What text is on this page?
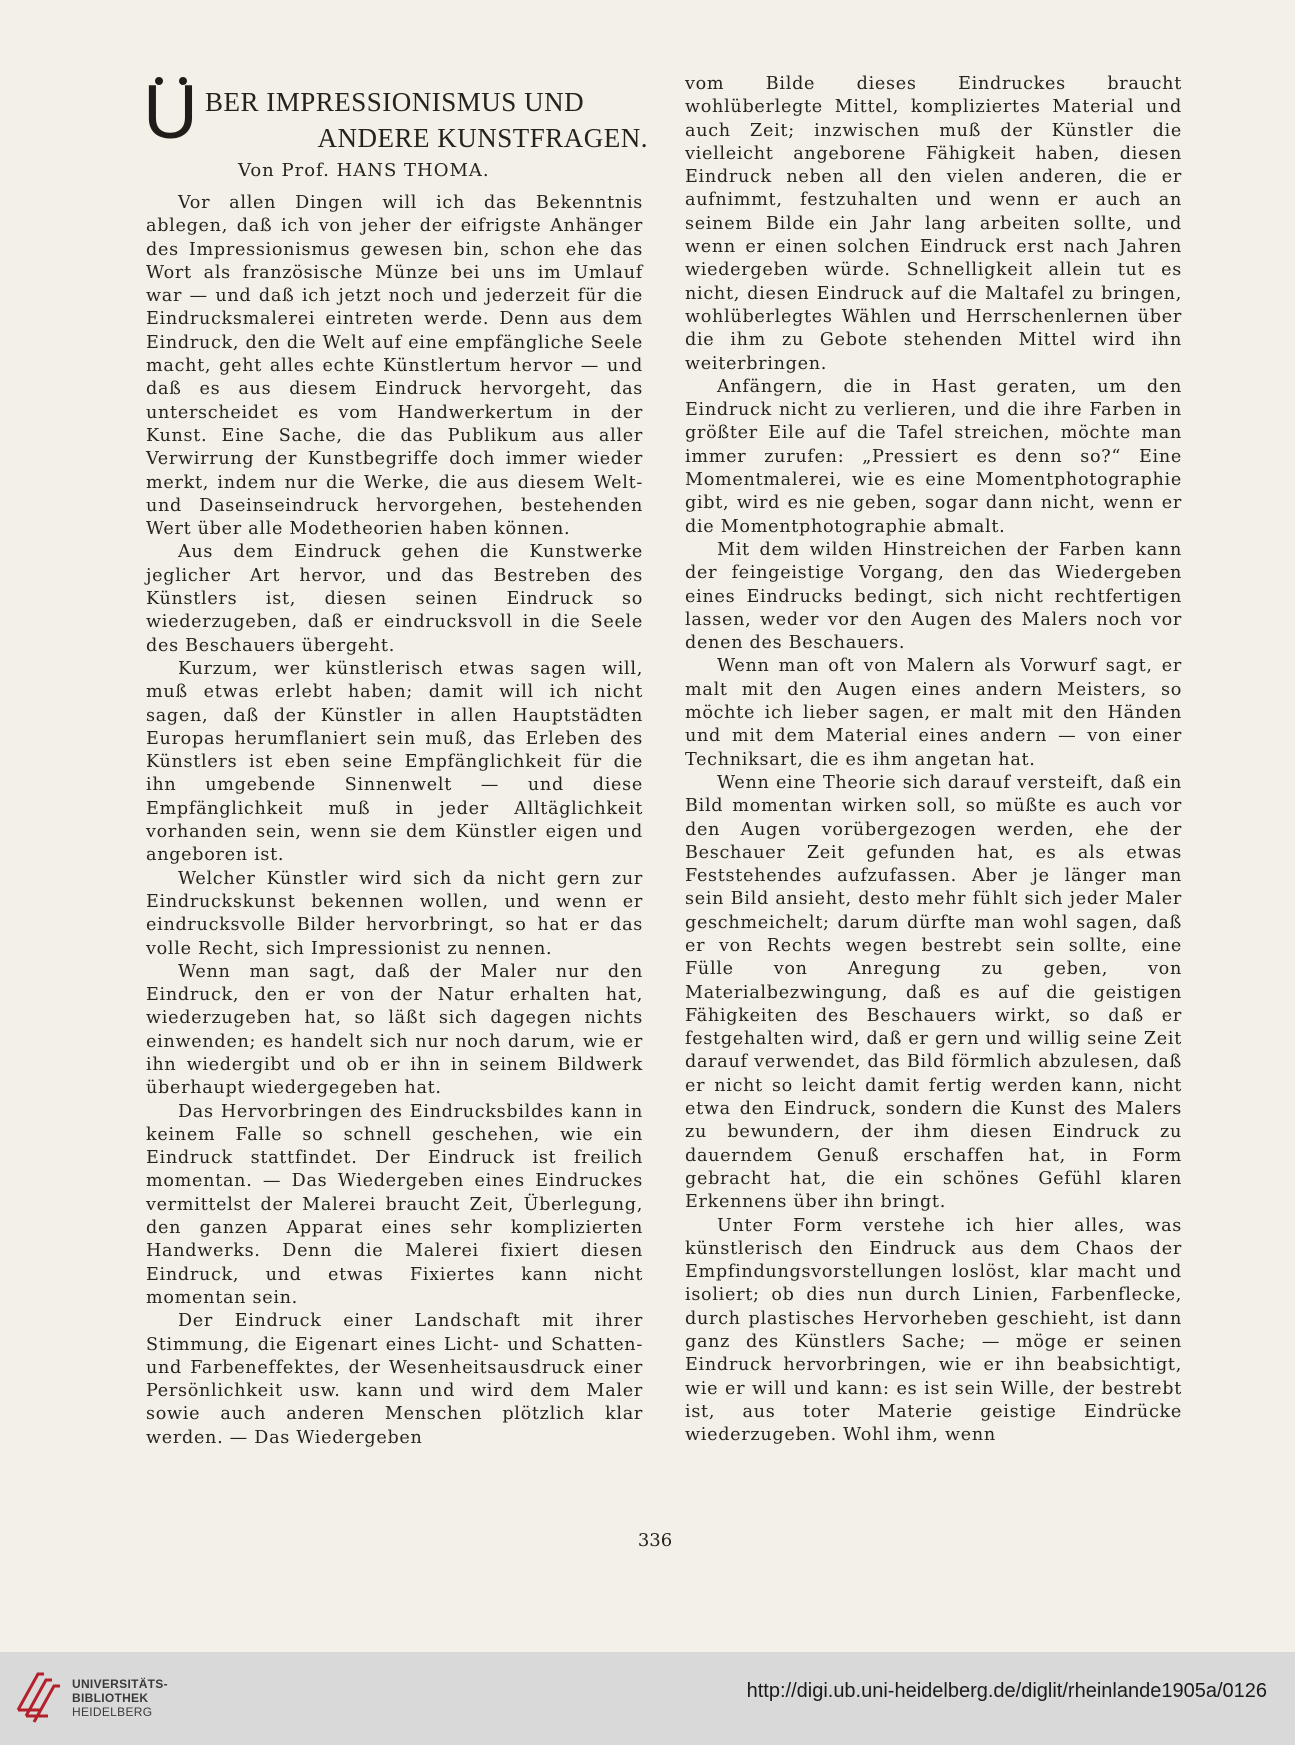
U BER IMPRESSIONISMUS UND
ANDERE KUNSTFRAGEN.
Von Prof. HANS THOMA.

Vor allen Dingen will ich das Bekenntnis ablegen, daß ich von jeher der eifrigste Anhänger des Impressionismus gewesen bin, schon ehe das Wort als französische Münze bei uns im Umlauf war — und daß ich jetzt noch und jederzeit für die Eindrucksmalerei eintreten werde. Denn aus dem Eindruck, den die Welt auf eine empfängliche Seele macht, geht alles echte Künstlertum hervor — und daß es aus diesem Eindruck hervorgeht, das unterscheidet es vom Handwerkertum in der Kunst. Eine Sache, die das Publikum aus aller Verwirrung der Kunstbegriffe doch immer wieder merkt, indem nur die Werke, die aus diesem Welt- und Daseinseindruck hervorgehen, bestehenden Wert über alle Modetheorien haben können.

Aus dem Eindruck gehen die Kunstwerke jeglicher Art hervor, und das Bestreben des Künstlers ist, diesen seinen Eindruck so wiederzugeben, daß er eindrucksvoll in die Seele des Beschauers übergeht.

Kurzum, wer künstlerisch etwas sagen will, muß etwas erlebt haben; damit will ich nicht sagen, daß der Künstler in allen Hauptstädten Europas herumflaniert sein muß, das Erleben des Künstlers ist eben seine Empfänglichkeit für die ihn umgebende Sinnenwelt — und diese Empfänglichkeit muß in jeder Alltäglichkeit vorhanden sein, wenn sie dem Künstler eigen und angeboren ist.

Welcher Künstler wird sich da nicht gern zur Eindruckskunst bekennen wollen, und wenn er eindrucksvolle Bilder hervorbringt, so hat er das volle Recht, sich Impressionist zu nennen.

Wenn man sagt, daß der Maler nur den Eindruck, den er von der Natur erhalten hat, wiederzugeben hat, so läßt sich dagegen nichts einwenden; es handelt sich nur noch darum, wie er ihn wiedergibt und ob er ihn in seinem Bildwerk überhaupt wiedergegeben hat.

Das Hervorbringen des Eindrucksbildes kann in keinem Falle so schnell geschehen, wie ein Eindruck stattfindet. Der Eindruck ist freilich momentan. — Das Wiedergeben eines Eindruckes vermittelst der Malerei braucht Zeit, Überlegung, den ganzen Apparat eines sehr komplizierten Handwerks. Denn die Malerei fixiert diesen Eindruck, und etwas Fixiertes kann nicht momentan sein.

Der Eindruck einer Landschaft mit ihrer Stimmung, die Eigenart eines Licht- und Schatten- und Farbeneffektes, der Wesenheitsausdruck einer Persönlichkeit usw. kann und wird dem Maler sowie auch anderen Menschen plötzlich klar werden. — Das Wiedergeben

vom Bilde dieses Eindruckes braucht wohlüberlegte Mittel, kompliziertes Material und auch Zeit; inzwischen muß der Künstler die vielleicht angeborene Fähigkeit haben, diesen Eindruck neben all den vielen anderen, die er aufnimmt, festzuhalten und wenn er auch an seinem Bilde ein Jahr lang arbeiten sollte, und wenn er einen solchen Eindruck erst nach Jahren wiedergeben würde. Schnelligkeit allein tut es nicht, diesen Eindruck auf die Maltafel zu bringen, wohlüberlegtes Wählen und Herrschenlernen über die ihm zu Gebote stehenden Mittel wird ihn weiterbringen.

Anfängern, die in Hast geraten, um den Eindruck nicht zu verlieren, und die ihre Farben in größter Eile auf die Tafel streichen, möchte man immer zurufen: „Pressiert es denn so?“ Eine Momentmalerei, wie es eine Momentphotographie gibt, wird es nie geben, sogar dann nicht, wenn er die Momentphotographie abmalt.

Mit dem wilden Hinstreichen der Farben kann der feingeistige Vorgang, den das Wiedergeben eines Eindrucks bedingt, sich nicht rechtfertigen lassen, weder vor den Augen des Malers noch vor denen des Beschauers.

Wenn man oft von Malern als Vorwurf sagt, er malt mit den Augen eines andern Meisters, so möchte ich lieber sagen, er malt mit den Händen und mit dem Material eines andern — von einer Techniksart, die es ihm angetan hat.

Wenn eine Theorie sich darauf versteift, daß ein Bild momentan wirken soll, so müßte es auch vor den Augen vorübergezogen werden, ehe der Beschauer Zeit gefunden hat, es als etwas Feststehendes aufzufassen. Aber je länger man sein Bild ansieht, desto mehr fühlt sich jeder Maler geschmeichelt; darum dürfte man wohl sagen, daß er von Rechts wegen bestrebt sein sollte, eine Fülle von Anregung zu geben, von Materialbezwingung, daß es auf die geistigen Fähigkeiten des Beschauers wirkt, so daß er festgehalten wird, daß er gern und willig seine Zeit darauf verwendet, das Bild förmlich abzulesen, daß er nicht so leicht damit fertig werden kann, nicht etwa den Eindruck, sondern die Kunst des Malers zu bewundern, der ihm diesen Eindruck zu dauerndem Genuß erschaffen hat, in Form gebracht hat, die ein schönes Gefühl klaren Erkennens über ihn bringt.

Unter Form verstehe ich hier alles, was künstlerisch den Eindruck aus dem Chaos der Empfindungsvorstellungen loslöst, klar macht und isoliert; ob dies nun durch Linien, Farbenflecke, durch plastisches Hervorheben geschieht, ist dann ganz des Künstlers Sache; — möge er seinen Eindruck hervorbringen, wie er ihn beabsichtigt, wie er will und kann: es ist sein Wille, der bestrebt ist, aus toter Materie geistige Eindrücke wiederzugeben. Wohl ihm, wenn

336
UNIVERSITÄTS-
BIBLIOTHEK
HEIDELBERG
http://digi.ub.uni-heidelberg.de/diglit/rheinlande1905a/0126
